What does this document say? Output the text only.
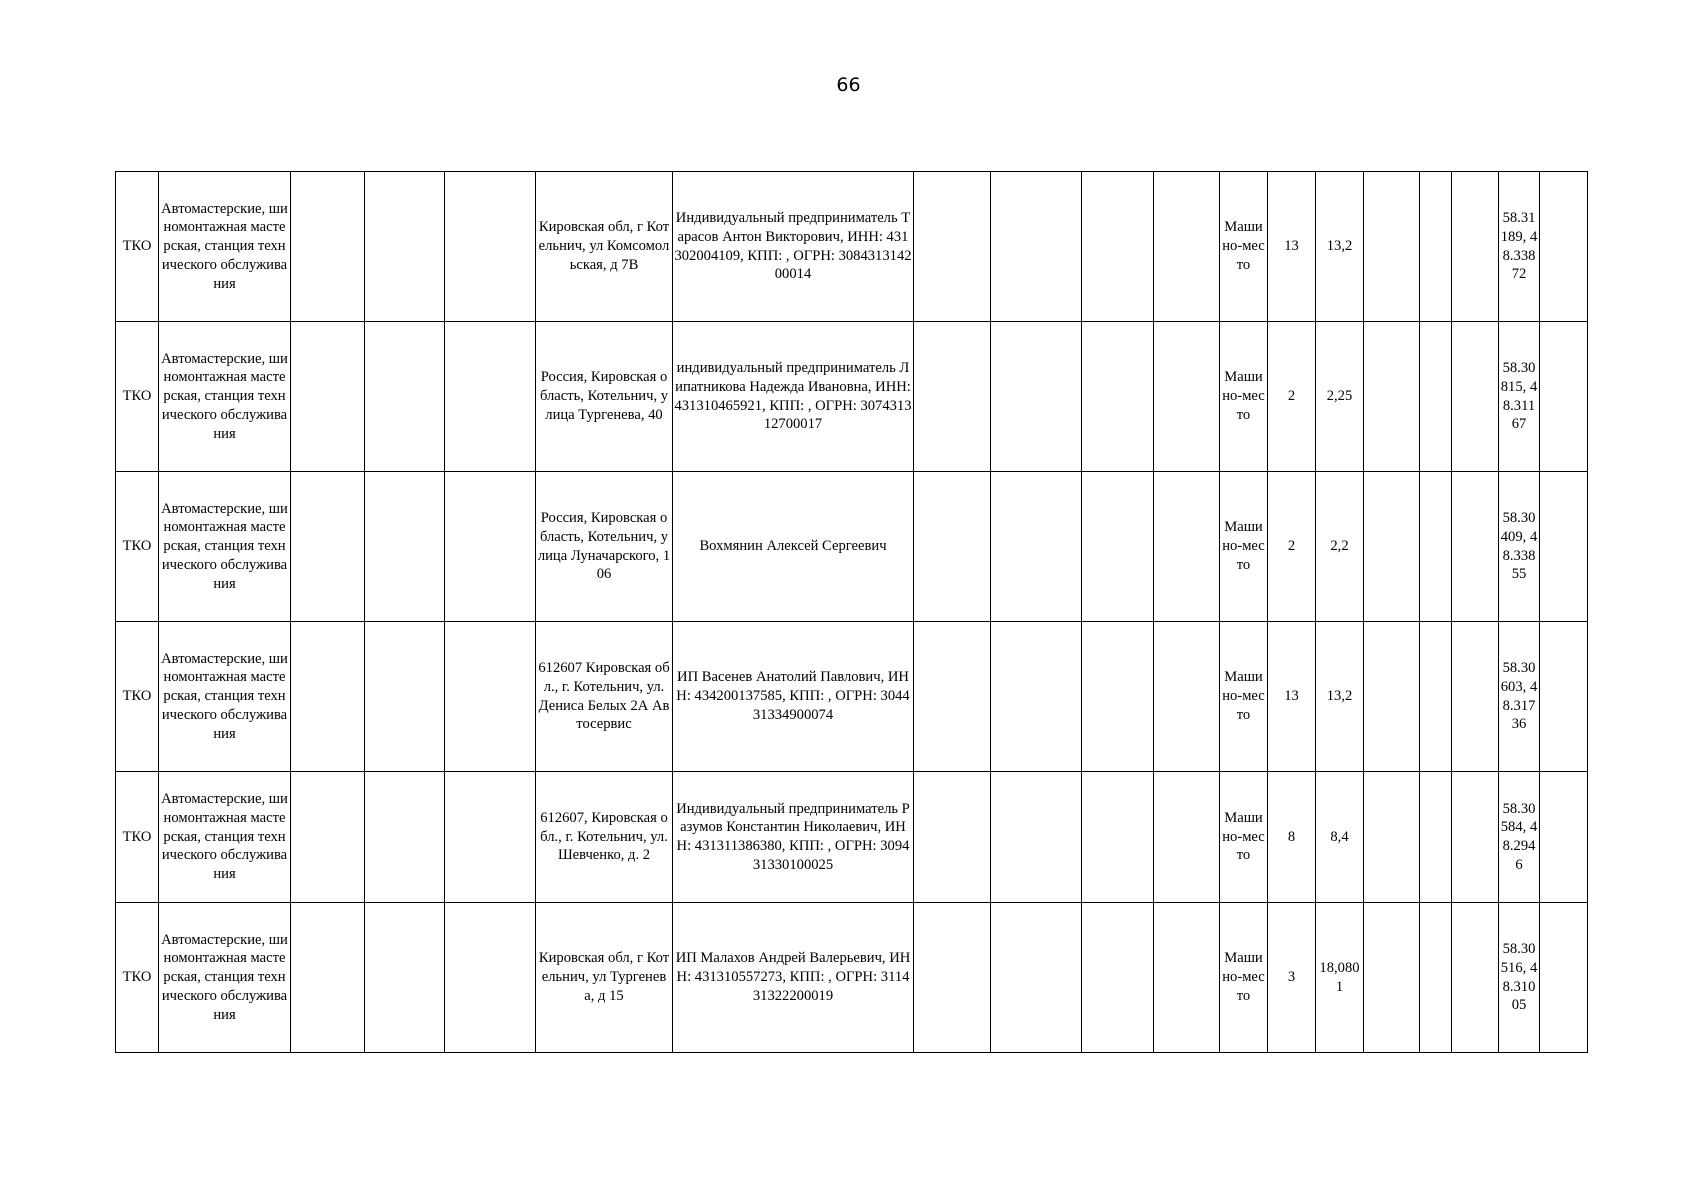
66
ТКО	Автомастерские, шиномонтажная мастерская, станция технического обслуживания				Кировская обл, г Котельнич, ул Комсомольская, д 7В	Индивидуальный предприниматель Тарасов Антон Викторович, ИНН: 431302004109, КПП: , ОГРН: 308431314200014					Машино-место	13	13,2				58.31189, 48.33872	
ТКО	Автомастерские, шиномонтажная мастерская, станция технического обслуживания				Россия, Кировская область, Котельнич, улица Тургенева, 40	индивидуальный предприниматель Липатникова Надежда Ивановна, ИНН: 431310465921, КПП: , ОГРН: 307431312700017					Машино-место	2	2,25				58.30815, 48.31167	
ТКО	Автомастерские, шиномонтажная мастерская, станция технического обслуживания				Россия, Кировская область, Котельнич, улица Луначарского, 106	Вохмянин Алексей Сергеевич					Машино-место	2	2,2				58.30409, 48.33855	
ТКО	Автомастерские, шиномонтажная мастерская, станция технического обслуживания				612607 Кировская обл., г. Котельнич, ул. Дениса Белых 2А Автосервис	ИП Васенев Анатолий Павлович, ИНН: 434200137585, КПП: , ОГРН: 304431334900074					Машино-место	13	13,2				58.30603, 48.31736	
ТКО	Автомастерские, шиномонтажная мастерская, станция технического обслуживания				612607, Кировская обл., г. Котельнич, ул. Шевченко, д. 2	Индивидуальный предприниматель Разумов Константин Николаевич, ИНН: 431311386380, КПП: , ОГРН: 309431330100025					Машино-место	8	8,4				58.30584, 48.2946	
ТКО	Автомастерские, шиномонтажная мастерская, станция технического обслуживания				Кировская обл, г Котельнич, ул Тургенева, д 15	ИП Малахов Андрей Валерьевич, ИНН: 431310557273, КПП: , ОГРН: 311431322200019					Машино-место	3	18,0801				58.30516, 48.31005	
